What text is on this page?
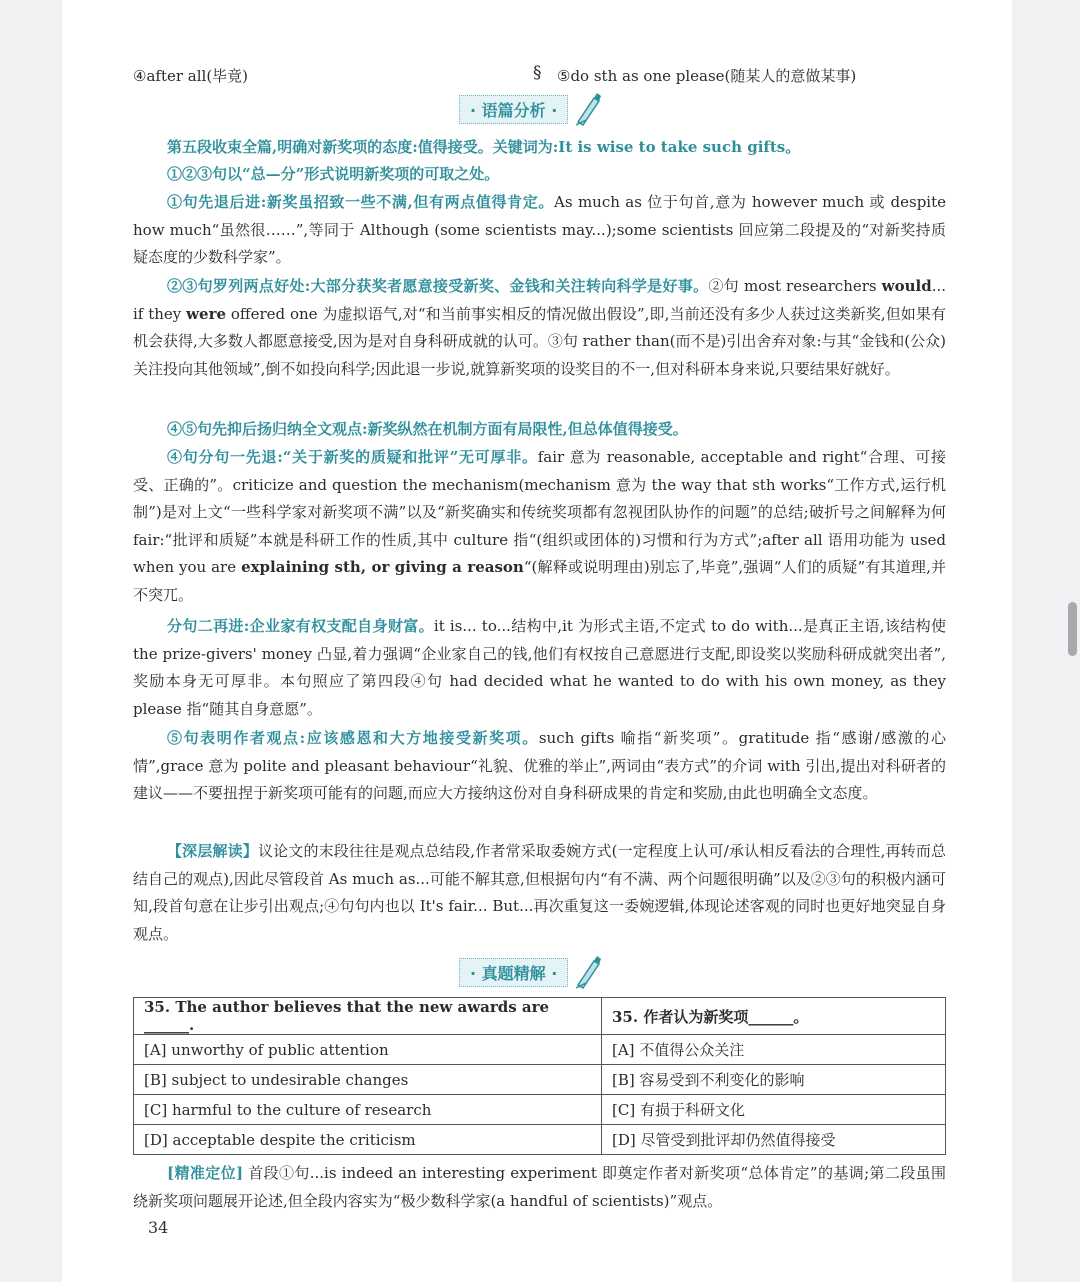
④after all(毕竟)	§ ⑤do sth as one please(随某人的意做某事)
· 语篇分析 ·
第五段收束全篇,明确对新奖项的态度:值得接受。关键词为:It is wise to take such gifts。
①②③句以“总—分”形式说明新奖项的可取之处。
①句先退后进:新奖虽招致一些不满,但有两点值得肯定。As much as 位于句首,意为 however much 或 despite how much“虽然很……”,等同于 Although (some scientists may...);some scientists 回应第二段提及的“对新奖持质疑态度的少数科学家”。
②③句罗列两点好处:大部分获奖者愿意接受新奖、金钱和关注转向科学是好事。②句 most researchers would... if they were offered one 为虚拟语气,对“和当前事实相反的情况做出假设”,即,当前还没有多少人获过这类新奖,但如果有机会获得,大多数人都愿意接受,因为是对自身科研成就的认可。③句 rather than(而不是)引出舍弃对象:与其“金钱和(公众)关注投向其他领域”,倒不如投向科学;因此退一步说,就算新奖项的设奖目的不一,但对科研本身来说,只要结果好就好。
④⑤句先抑后扬归纳全文观点:新奖纵然在机制方面有局限性,但总体值得接受。
④句分句一先退:“关于新奖的质疑和批评”无可厚非。fair 意为 reasonable, acceptable and right“合理、可接受、正确的”。criticize and question the mechanism(mechanism 意为 the way that sth works“工作方式,运行机制”)是对上文“一些科学家对新奖项不满”以及“新奖确实和传统奖项都有忽视团队协作的问题”的总结;破折号之间解释为何 fair:“批评和质疑”本就是科研工作的性质,其中 culture 指“(组织或团体的)习惯和行为方式”;after all 语用功能为 used when you are explaining sth, or giving a reason“(解释或说明理由)别忘了,毕竟”,强调“人们的质疑”有其道理,并不突兀。
分句二再进:企业家有权支配自身财富。it is... to...结构中,it 为形式主语,不定式 to do with...是真正主语,该结构使 the prize-givers' money 凸显,着力强调“企业家自己的钱,他们有权按自己意愿进行支配,即设奖以奖励科研成就突出者”,奖励本身无可厚非。本句照应了第四段④句 had decided what he wanted to do with his own money, as they please 指“随其自身意愿”。
⑤句表明作者观点:应该感恩和大方地接受新奖项。such gifts 喻指“新奖项”。gratitude 指“感谢/感激的心情”,grace 意为 polite and pleasant behaviour“礼貌、优雅的举止”,两词由“表方式”的介词 with 引出,提出对科研者的建议——不要扭捏于新奖项可能有的问题,而应大方接纳这份对自身科研成果的肯定和奖励,由此也明确全文态度。
【深层解读】议论文的末段往往是观点总结段,作者常采取委婉方式(一定程度上认可/承认相反看法的合理性,再转而总结自己的观点),因此尽管段首 As much as...可能不解其意,但根据句内“有不满、两个问题很明确”以及②③句的积极内涵可知,段首句意在让步引出观点;④句句内也以 It's fair... But...再次重复这一委婉逻辑,体现论述客观的同时也更好地突显自身观点。
· 真题精解 ·
35. The author believes that the new awards are ______.	35. 作者认为新奖项______。
[A] unworthy of public attention	[A] 不值得公众关注
[B] subject to undesirable changes	[B] 容易受到不利变化的影响
[C] harmful to the culture of research	[C] 有损于科研文化
[D] acceptable despite the criticism	[D] 尽管受到批评却仍然值得接受
[精准定位] 首段①句...is indeed an interesting experiment 即奠定作者对新奖项“总体肯定”的基调;第二段虽围绕新奖项问题展开论述,但全段内容实为“极少数科学家(a handful of scientists)”观点。
34
